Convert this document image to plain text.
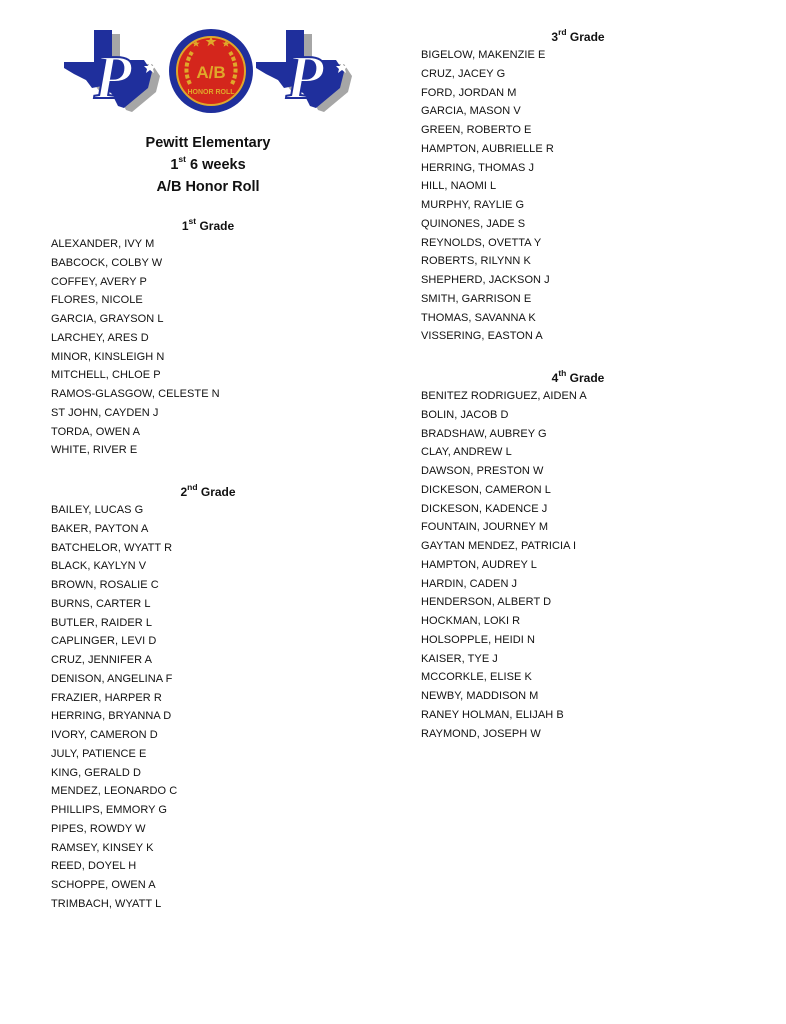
P	A/B
HONOR ROLL P
Pewitt Elementary
1st 6 weeks
A/B Honor Roll
1st Grade
ALEXANDER, IVY M
BABCOCK, COLBY W
COFFEY, AVERY P
FLORES, NICOLE
GARCIA, GRAYSON L
LARCHEY, ARES D
MINOR, KINSLEIGH N
MITCHELL, CHLOE P
RAMOS-GLASGOW, CELESTE N
ST JOHN, CAYDEN J
TORDA, OWEN A
WHITE, RIVER E
2nd Grade
BAILEY, LUCAS G
BAKER, PAYTON A
BATCHELOR, WYATT R
BLACK, KAYLYN V
BROWN, ROSALIE C
BURNS, CARTER L
BUTLER, RAIDER L
CAPLINGER, LEVI D
CRUZ, JENNIFER A
DENISON, ANGELINA F
FRAZIER, HARPER R
HERRING, BRYANNA D
IVORY, CAMERON D
JULY, PATIENCE E
KING, GERALD D
MENDEZ, LEONARDO C
PHILLIPS, EMMORY G
PIPES, ROWDY W
RAMSEY, KINSEY K
REED, DOYEL H
SCHOPPE, OWEN A
TRIMBACH, WYATT L
3rd Grade
BIGELOW, MAKENZIE E
CRUZ, JACEY G
FORD, JORDAN M
GARCIA, MASON V
GREEN, ROBERTO E
HAMPTON, AUBRIELLE R
HERRING, THOMAS J
HILL, NAOMI L
MURPHY, RAYLIE G
QUINONES, JADE S
REYNOLDS, OVETTA Y
ROBERTS, RILYNN K
SHEPHERD, JACKSON J
SMITH, GARRISON E
THOMAS, SAVANNA K
VISSERING, EASTON A
4th Grade
BENITEZ RODRIGUEZ, AIDEN A
BOLIN, JACOB D
BRADSHAW, AUBREY G
CLAY, ANDREW L
DAWSON, PRESTON W
DICKESON, CAMERON L
DICKESON, KADENCE J
FOUNTAIN, JOURNEY M
GAYTAN MENDEZ, PATRICIA I
HAMPTON, AUDREY L
HARDIN, CADEN J
HENDERSON, ALBERT D
HOCKMAN, LOKI R
HOLSOPPLE, HEIDI N
KAISER, TYE J
MCCORKLE, ELISE K
NEWBY, MADDISON M
RANEY HOLMAN, ELIJAH B
RAYMOND, JOSEPH W
